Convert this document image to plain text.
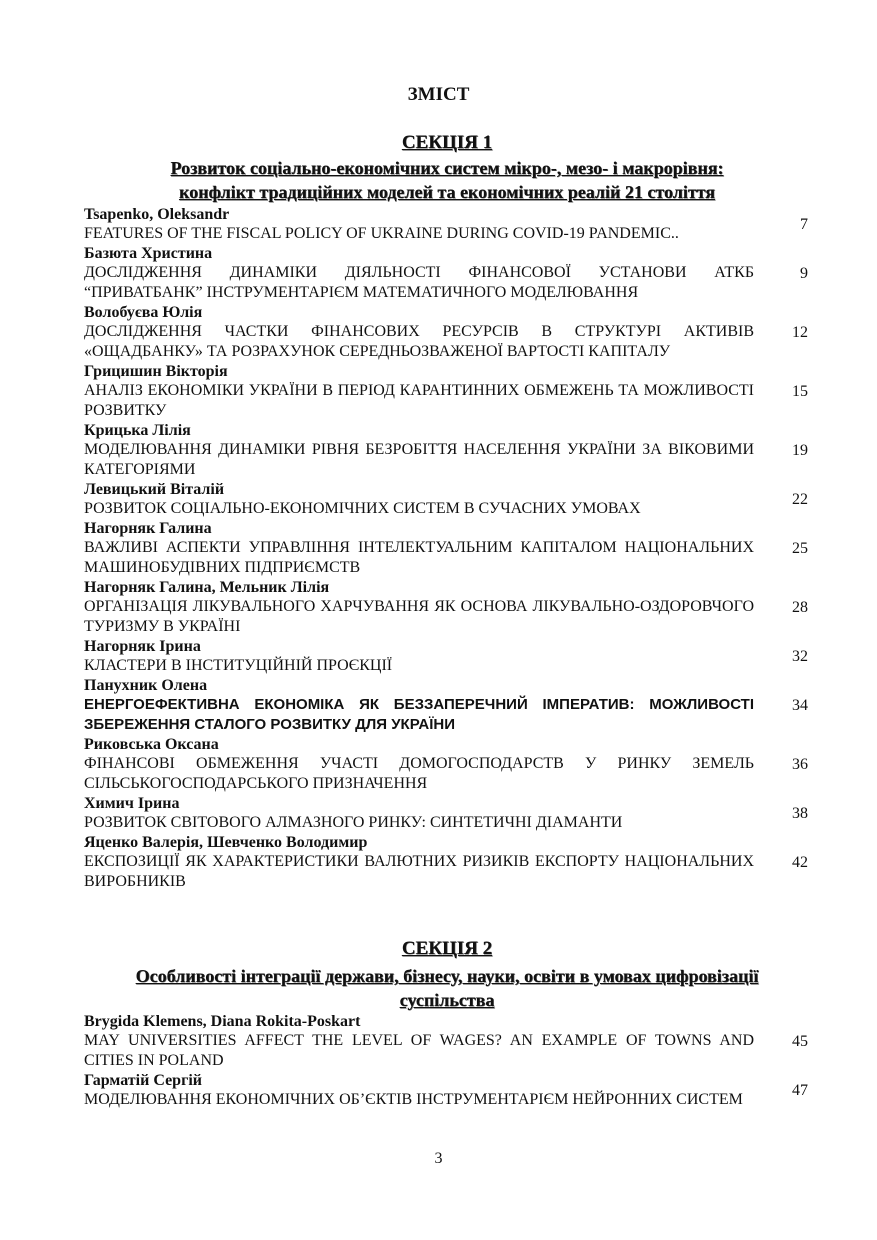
ЗМІСТ
СЕКЦІЯ 1
Розвиток соціально-економічних систем мікро-, мезо- і макрорівня:
конфлікт традиційних моделей та економічних реалій 21 століття
Tsapenko, Oleksandr
FEATURES OF THE FISCAL POLICY OF UKRAINE DURING COVID-19 PANDEMIC..
7
Базюта Христина
ДОСЛІДЖЕННЯ ДИНАМІКИ ДІЯЛЬНОСТІ ФІНАНСОВОЇ УСТАНОВИ АТКБ “ПРИВАТБАНК” ІНСТРУМЕНТАРІЄМ МАТЕМАТИЧНОГО МОДЕЛЮВАННЯ
9
Волобуєва Юлія
ДОСЛІДЖЕННЯ ЧАСТКИ ФІНАНСОВИХ РЕСУРСІВ В СТРУКТУРІ АКТИВІВ «ОЩАДБАНКУ» ТА РОЗРАХУНОК СЕРЕДНЬОЗВАЖЕНОЇ ВАРТОСТІ КАПІТАЛУ
12
Грицишин Вікторія
АНАЛІЗ ЕКОНОМІКИ УКРАЇНИ В ПЕРІОД КАРАНТИННИХ ОБМЕЖЕНЬ ТА МОЖЛИВОСТІ РОЗВИТКУ
15
Крицька Лілія
МОДЕЛЮВАННЯ ДИНАМІКИ РІВНЯ БЕЗРОБІТТЯ НАСЕЛЕННЯ УКРАЇНИ ЗА ВІКОВИМИ КАТЕГОРІЯМИ
19
Левицький Віталій
РОЗВИТОК СОЦІАЛЬНО-ЕКОНОМІЧНИХ СИСТЕМ В СУЧАСНИХ УМОВАХ
22
Нагорняк Галина
ВАЖЛИВІ АСПЕКТИ УПРАВЛІННЯ ІНТЕЛЕКТУАЛЬНИМ КАПІТАЛОМ НАЦІОНАЛЬНИХ МАШИНОБУДІВНИХ ПІДПРИЄМСТВ
25
Нагорняк Галина, Мельник Лілія
ОРГАНІЗАЦІЯ ЛІКУВАЛЬНОГО ХАРЧУВАННЯ ЯК ОСНОВА ЛІКУВАЛЬНО-ОЗДОРОВЧОГО ТУРИЗМУ В УКРАЇНІ
28
Нагорняк Ірина
КЛАСТЕРИ В ІНСТИТУЦІЙНІЙ ПРОЄКЦІЇ
32
Панухник Олена
ЕНЕРГОЕФЕКТИВНА ЕКОНОМІКА ЯК БЕЗЗАПЕРЕЧНИЙ ІМПЕРАТИВ: МОЖЛИВОСТІ ЗБЕРЕЖЕННЯ СТАЛОГО РОЗВИТКУ ДЛЯ УКРАЇНИ
34
Риковська Оксана
ФІНАНСОВІ ОБМЕЖЕННЯ УЧАСТІ ДОМОГОСПОДАРСТВ У РИНКУ ЗЕМЕЛЬ СІЛЬСЬКОГОСПОДАРСЬКОГО ПРИЗНАЧЕННЯ
36
Химич Ірина
РОЗВИТОК СВІТОВОГО АЛМАЗНОГО РИНКУ: СИНТЕТИЧНІ ДІАМАНТИ
38
Яценко Валерія, Шевченко Володимир
ЕКСПОЗИЦІЇ ЯК ХАРАКТЕРИСТИКИ ВАЛЮТНИХ РИЗИКІВ ЕКСПОРТУ НАЦІОНАЛЬНИХ ВИРОБНИКІВ
42
СЕКЦІЯ 2
Особливості інтеграції держави, бізнесу, науки, освіти в умовах цифровізації
суспільства
Brygida Klemens, Diana Rokita-Poskart
MAY UNIVERSITIES AFFECT THE LEVEL OF WAGES? AN EXAMPLE OF TOWNS AND CITIES IN POLAND
45
Гарматій Сергій
МОДЕЛЮВАННЯ ЕКОНОМІЧНИХ ОБ’ЄКТІВ ІНСТРУМЕНТАРІЄМ НЕЙРОННИХ СИСТЕМ
47
3
